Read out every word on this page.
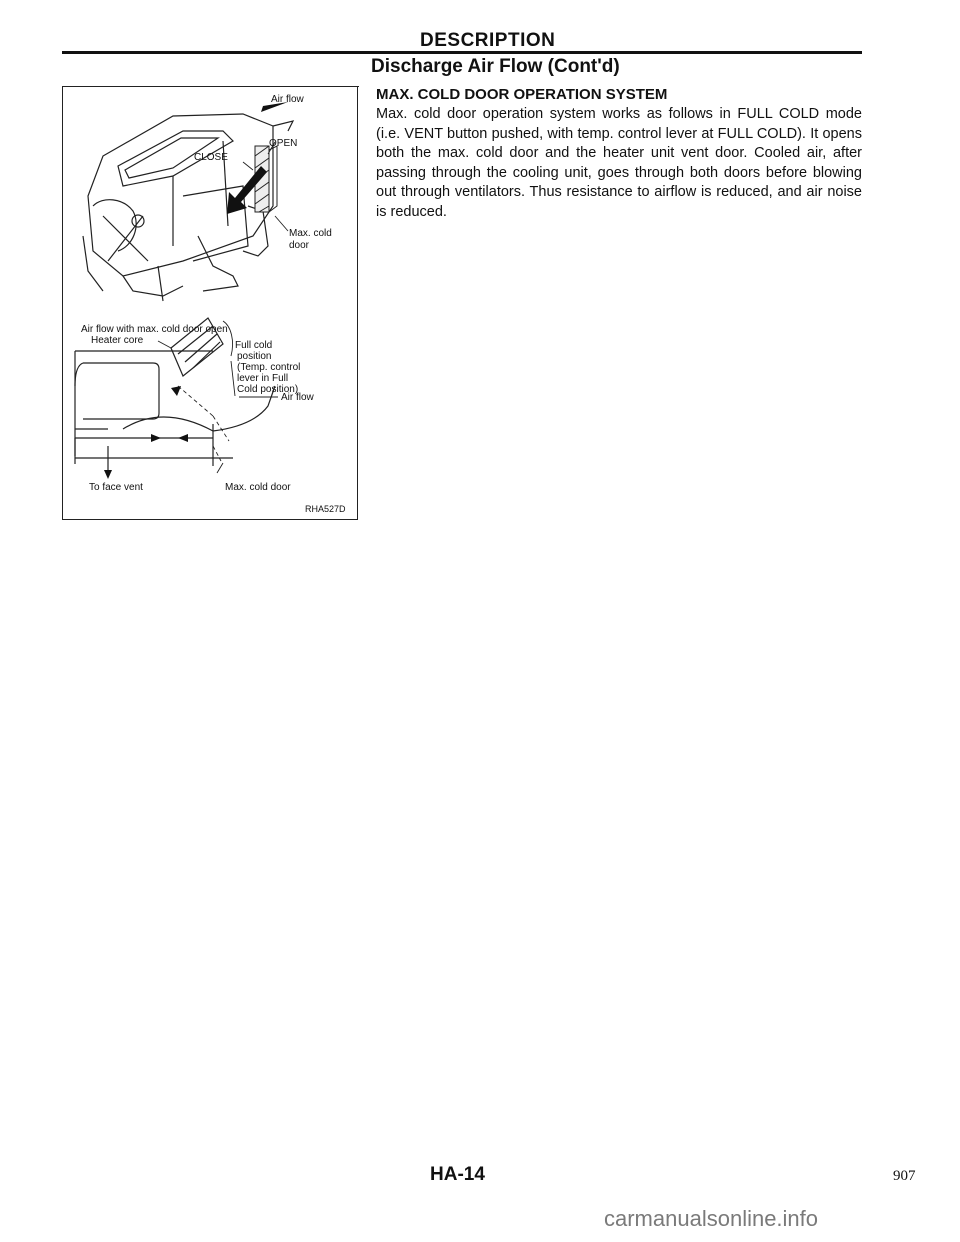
DESCRIPTION
Discharge Air Flow (Cont'd)
MAX. COLD DOOR OPERATION SYSTEM

Max. cold door operation system works as follows in FULL COLD mode (i.e. VENT button pushed, with temp. control lever at FULL COLD). It opens both the max. cold door and the heater unit vent door. Cooled air, after passing through the cooling unit, goes through both doors before blowing out through ventilators. Thus resistance to airflow is reduced, and air noise is reduced.

Air flow
OPEN
CLOSE
Max. cold
door
Air flow with max. cold door open
Full cold
position
(Temp. control
lever in Full
Cold position)
Heater core
Air flow
To face vent	Max. cold door
RHA527D

HA-14	907

carmanualsonline.info
